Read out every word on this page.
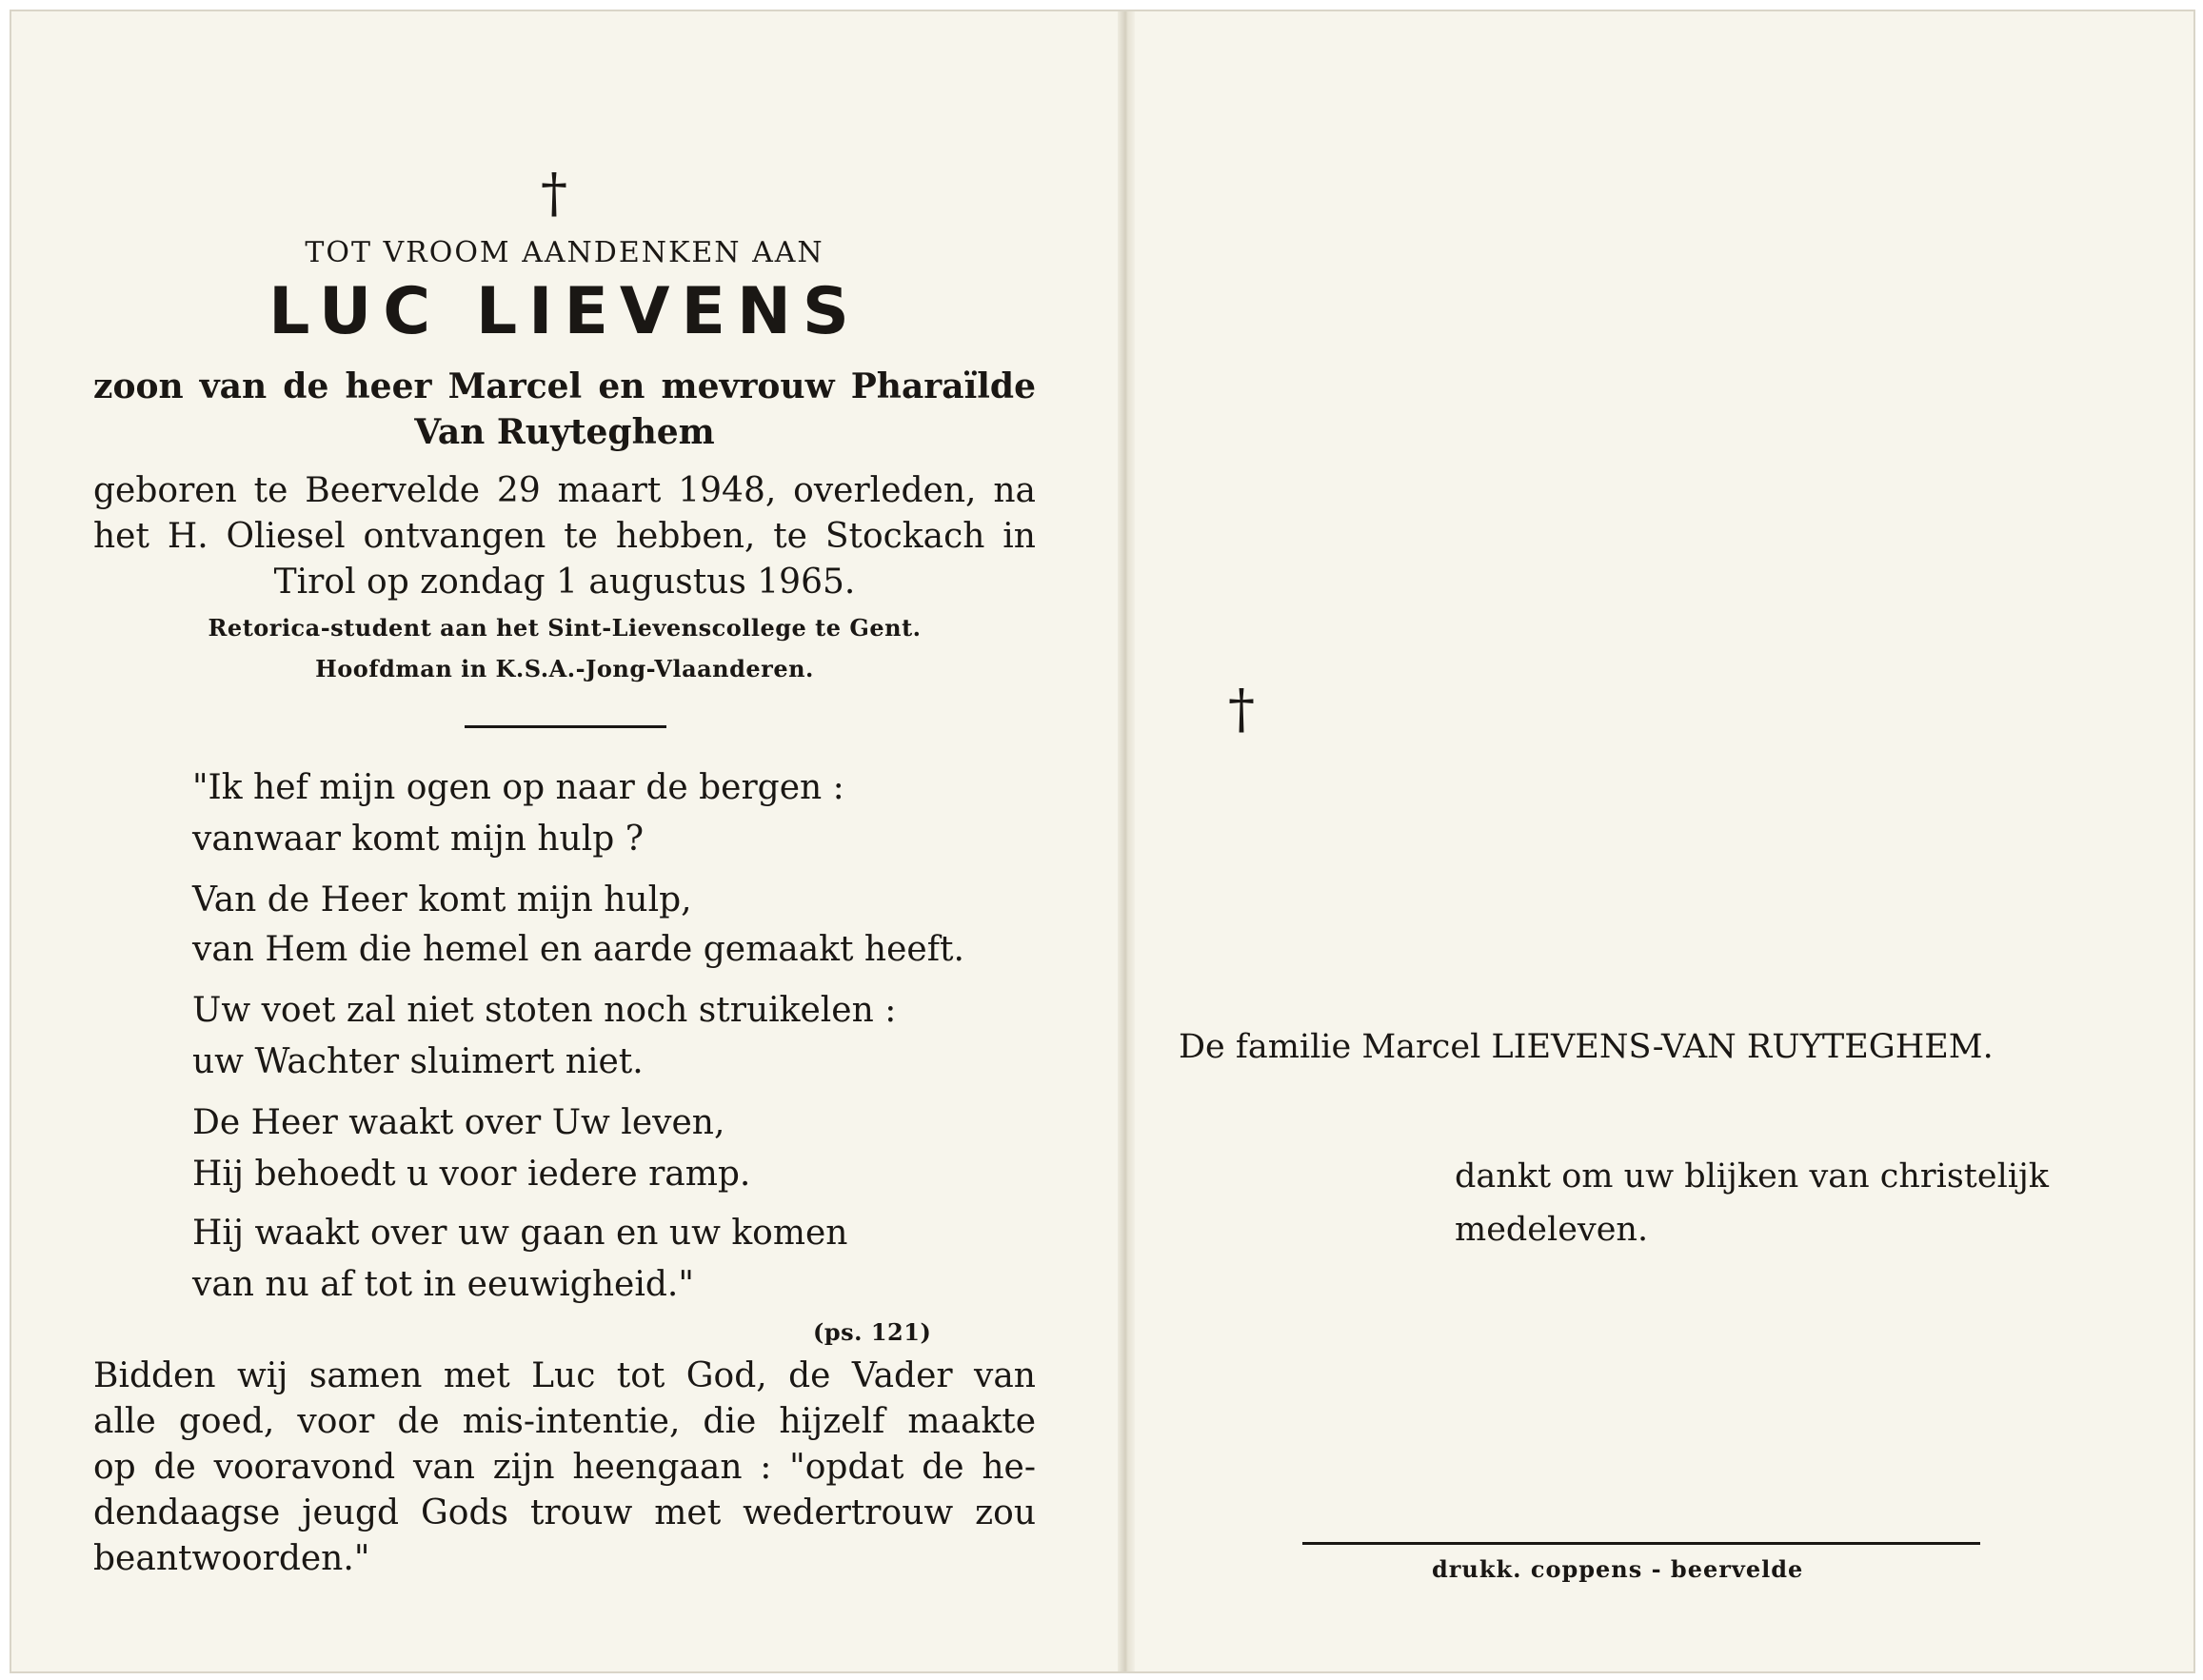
†
TOT VROOM AANDENKEN AAN
LUC LIEVENS
zoon van de heer Marcel en mevrouw Pharaïlde
Van Ruyteghem
geboren te Beervelde 29 maart 1948, overleden, na
het H. Oliesel ontvangen te hebben, te Stockach in
Tirol op zondag 1 augustus 1965.
Retorica-student aan het Sint-Lievenscollege te Gent.
Hoofdman in K.S.A.-Jong-Vlaanderen.
"Ik hef mijn ogen op naar de bergen :
vanwaar komt mijn hulp ?
Van de Heer komt mijn hulp,
van Hem die hemel en aarde gemaakt heeft.
Uw voet zal niet stoten noch struikelen :
uw Wachter sluimert niet.
De Heer waakt over Uw leven,
Hij behoedt u voor iedere ramp.
Hij waakt over uw gaan en uw komen
van nu af tot in eeuwigheid."
(ps. 121)
Bidden wij samen met Luc tot God, de Vader van
alle goed, voor de mis-intentie, die hijzelf maakte
op de vooravond van zijn heengaan : "opdat de he-
dendaagse jeugd Gods trouw met wedertrouw zou
beantwoorden."
†
De familie Marcel LIEVENS-VAN RUYTEGHEM.
dankt om uw blijken van christelijk
medeleven.
drukk. coppens - beervelde
